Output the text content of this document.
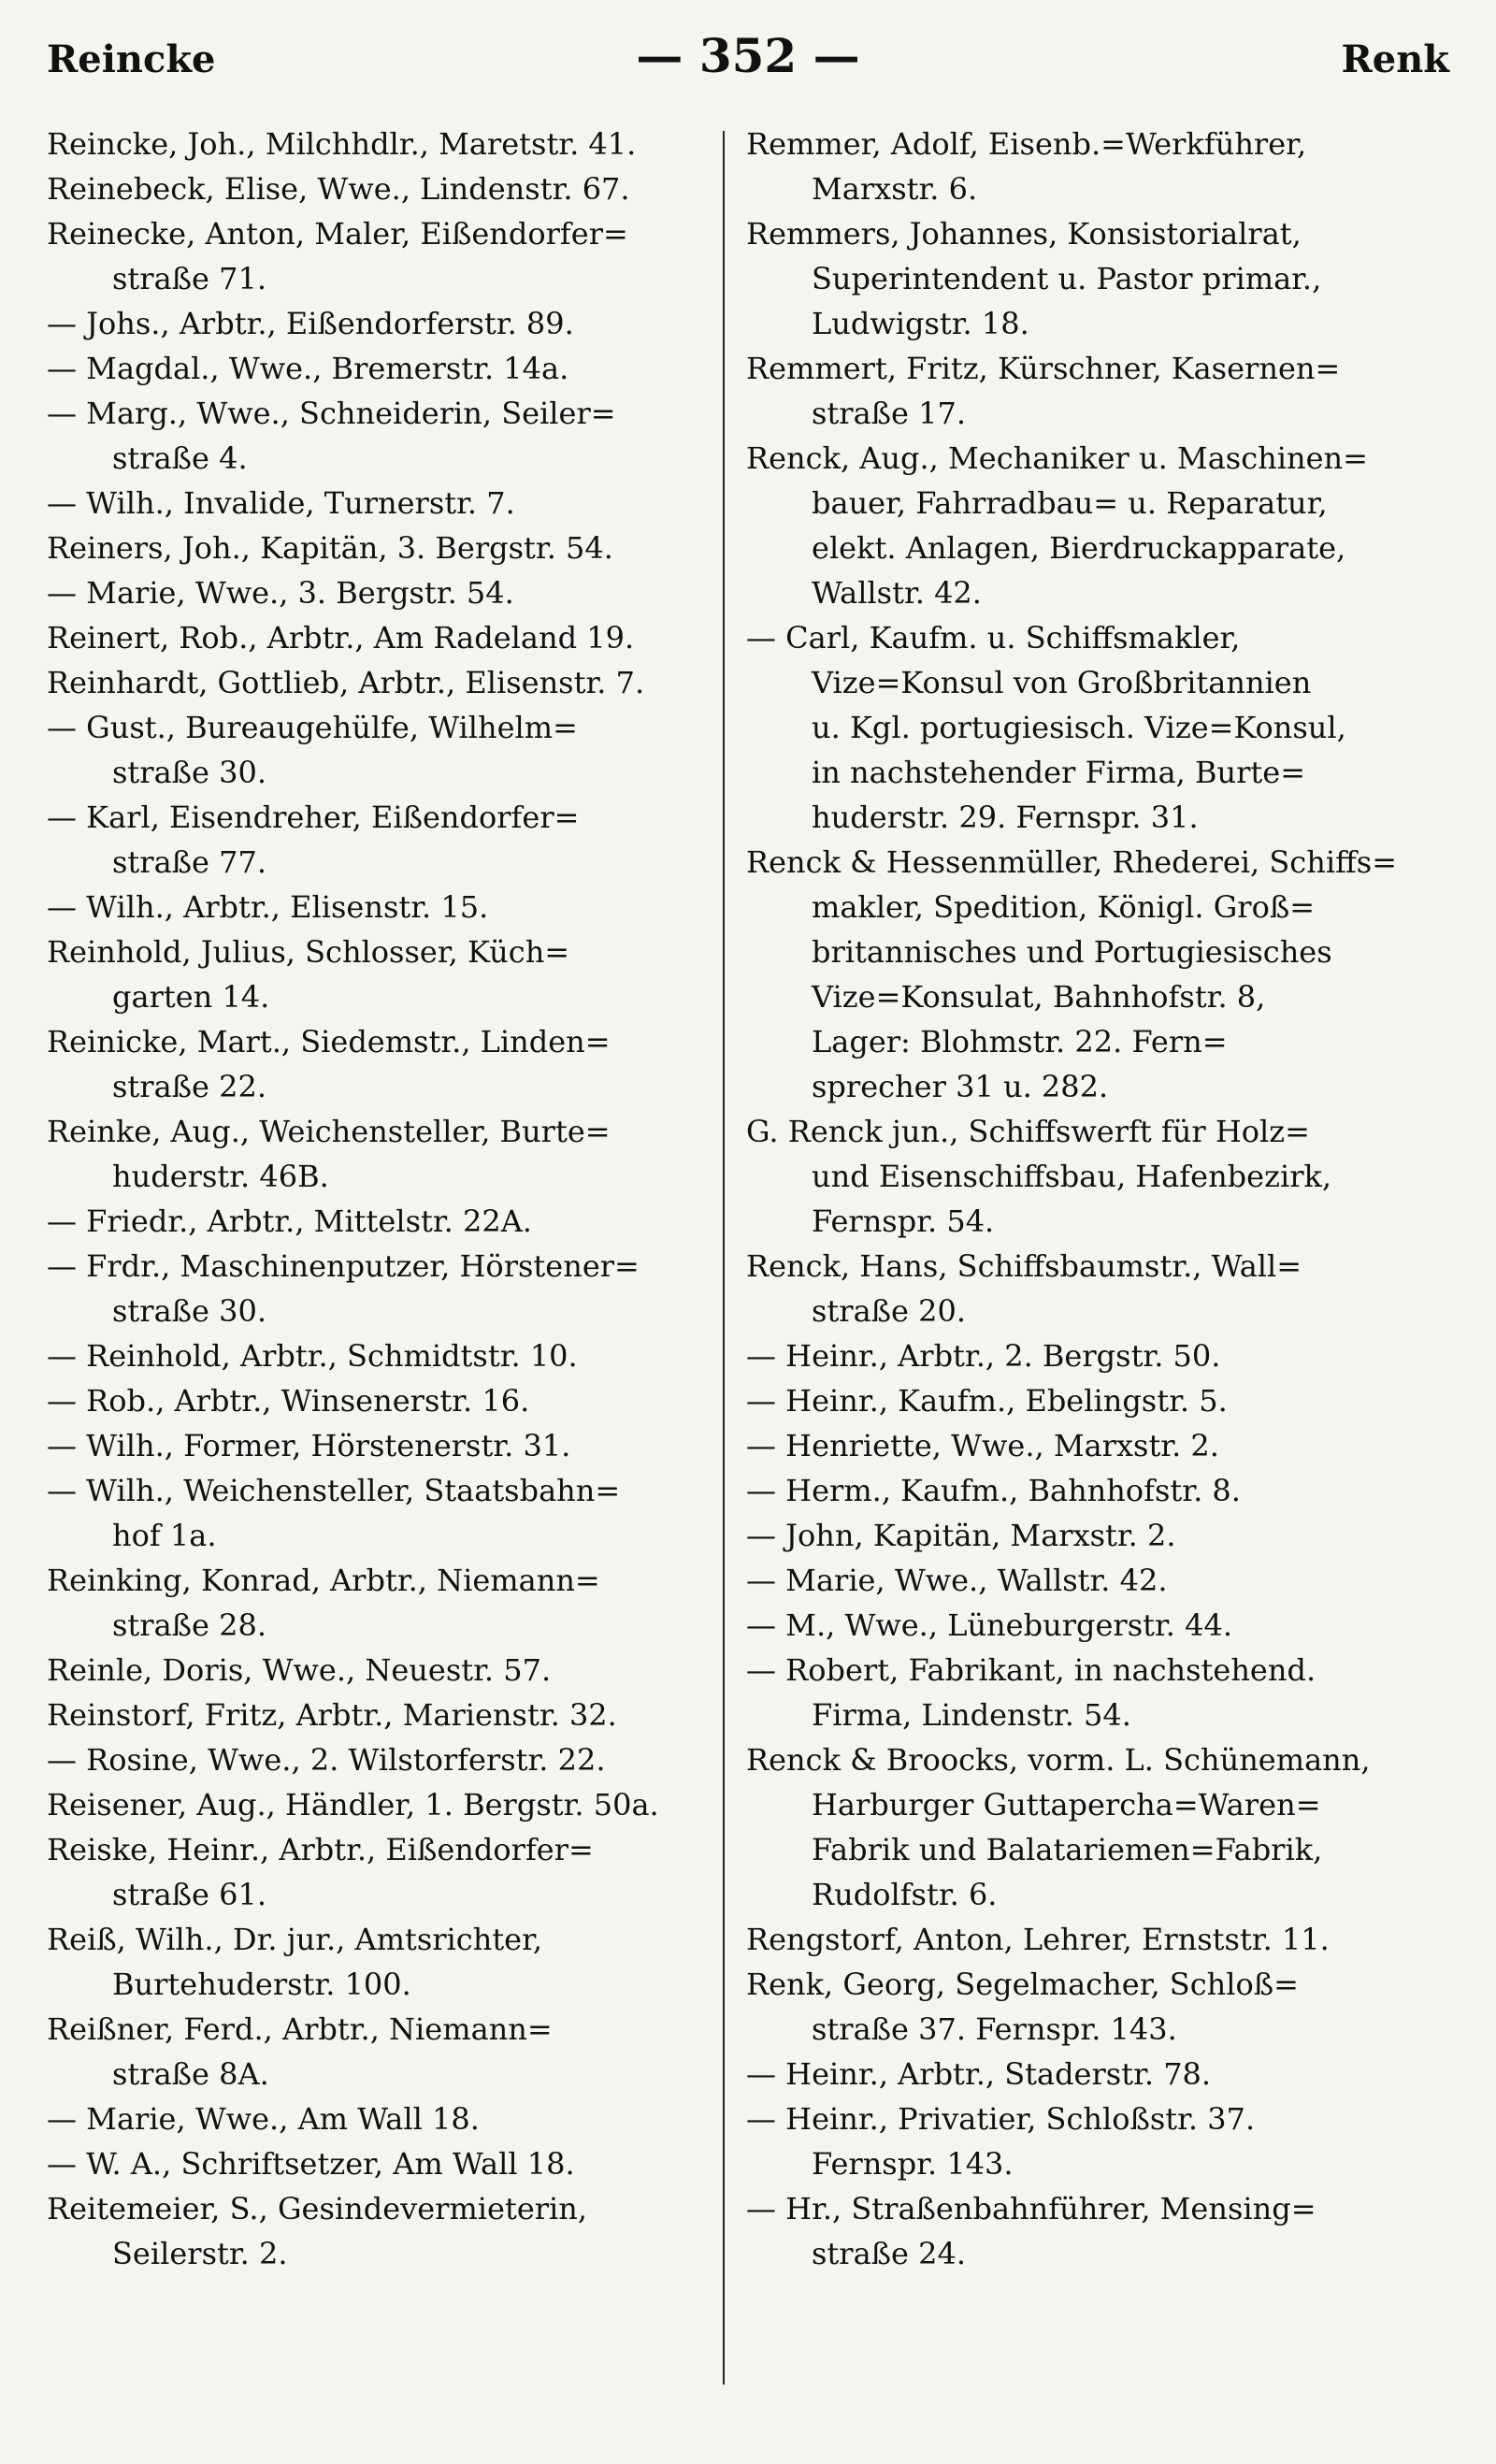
Reincke	— 352 —	Renk

Reincke, Joh., Milchhdlr., Maretstr. 41.

Reinebeck, Elise, Wwe., Lindenstr. 67.

Reinecke, Anton, Maler, Eißendorfer=
straße 71.

— Johs., Arbtr., Eißendorferstr. 89.

— Magdal., Wwe., Bremerstr. 14a.

— Marg., Wwe., Schneiderin, Seiler=
straße 4.

— Wilh., Invalide, Turnerstr. 7.

Reiners, Joh., Kapitän, 3. Bergstr. 54.

— Marie, Wwe., 3. Bergstr. 54.

Reinert, Rob., Arbtr., Am Radeland 19.

Reinhardt, Gottlieb, Arbtr., Elisenstr. 7.

— Gust., Bureaugehülfe, Wilhelm=
straße 30.

— Karl, Eisendreher, Eißendorfer=
straße 77.

— Wilh., Arbtr., Elisenstr. 15.

Reinhold, Julius, Schlosser, Küch=
garten 14.

Reinicke, Mart., Siedemstr., Linden=
straße 22.

Reinke, Aug., Weichensteller, Burte=
huderstr. 46B.

— Friedr., Arbtr., Mittelstr. 22A.

— Frdr., Maschinenputzer, Hörstener=
straße 30.

— Reinhold, Arbtr., Schmidtstr. 10.

— Rob., Arbtr., Winsenerstr. 16.

— Wilh., Former, Hörstenerstr. 31.

— Wilh., Weichensteller, Staatsbahn=
hof 1a.

Reinking, Konrad, Arbtr., Niemann=
straße 28.

Reinle, Doris, Wwe., Neuestr. 57.

Reinstorf, Fritz, Arbtr., Marienstr. 32.

— Rosine, Wwe., 2. Wilstorferstr. 22.

Reisener, Aug., Händler, 1. Bergstr. 50a.

Reiske, Heinr., Arbtr., Eißendorfer=
straße 61.

Reiß, Wilh., Dr. jur., Amtsrichter,
Burtehuderstr. 100.

Reißner, Ferd., Arbtr., Niemann=
straße 8A.

— Marie, Wwe., Am Wall 18.

— W. A., Schriftsetzer, Am Wall 18.

Reitemeier, S., Gesindevermieterin,
Seilerstr. 2.

Remmer, Adolf, Eisenb.=Werkführer,
Marxstr. 6.

Remmers, Johannes, Konsistorialrat,
Superintendent u. Pastor primar.,
Ludwigstr. 18.

Remmert, Fritz, Kürschner, Kasernen=
straße 17.

Renck, Aug., Mechaniker u. Maschinen=
bauer, Fahrradbau= u. Reparatur,
elekt. Anlagen, Bierdruckapparate,
Wallstr. 42.

— Carl, Kaufm. u. Schiffsmakler,
Vize=Konsul von Großbritannien
u. Kgl. portugiesisch. Vize=Konsul,
in nachstehender Firma, Burte=
huderstr. 29. Fernspr. 31.

Renck & Hessenmüller, Rhederei, Schiffs=
makler, Spedition, Königl. Groß=
britannisches und Portugiesisches
Vize=Konsulat, Bahnhofstr. 8,
Lager: Blohmstr. 22. Fern=
sprecher 31 u. 282.

G. Renck jun., Schiffswerft für Holz=
und Eisenschiffsbau, Hafenbezirk,
Fernspr. 54.

Renck, Hans, Schiffsbaumstr., Wall=
straße 20.

— Heinr., Arbtr., 2. Bergstr. 50.

— Heinr., Kaufm., Ebelingstr. 5.

— Henriette, Wwe., Marxstr. 2.

— Herm., Kaufm., Bahnhofstr. 8.

— John, Kapitän, Marxstr. 2.

— Marie, Wwe., Wallstr. 42.

— M., Wwe., Lüneburgerstr. 44.

— Robert, Fabrikant, in nachstehend.
Firma, Lindenstr. 54.

Renck & Broocks, vorm. L. Schünemann,
Harburger Guttapercha=Waren=
Fabrik und Balatariemen=Fabrik,
Rudolfstr. 6.

Rengstorf, Anton, Lehrer, Ernststr. 11.

Renk, Georg, Segelmacher, Schloß=
straße 37. Fernspr. 143.

— Heinr., Arbtr., Staderstr. 78.

— Heinr., Privatier, Schloßstr. 37.
Fernspr. 143.

— Hr., Straßenbahnführer, Mensing=
straße 24.
